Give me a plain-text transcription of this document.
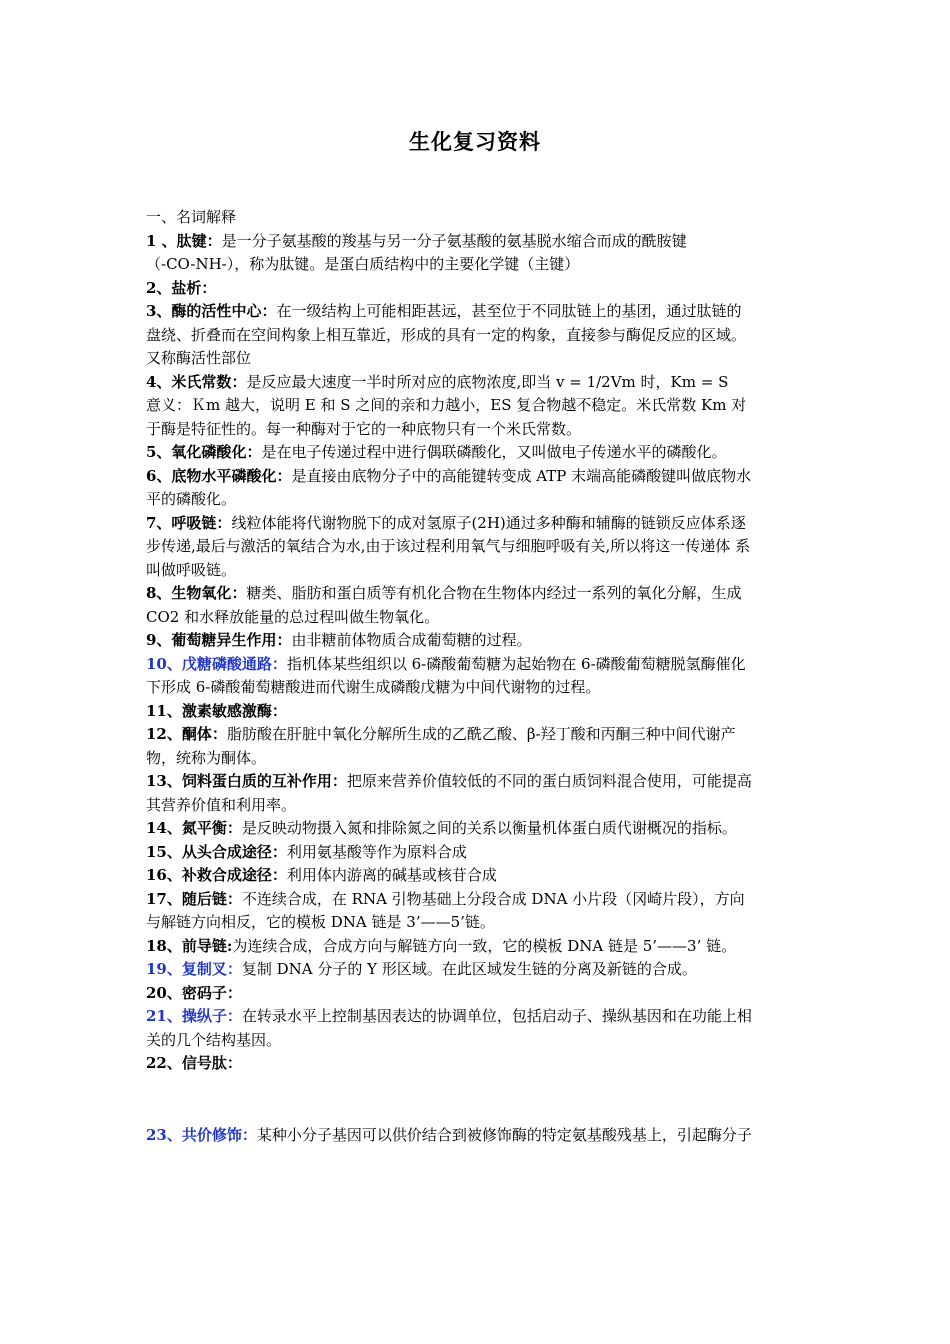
生化复习资料
一、名词解释
1 、肽键：是一分子氨基酸的羧基与另一分子氨基酸的氨基脱水缩合而成的酰胺键
（-CO-NH-），称为肽键。是蛋白质结构中的主要化学键（主键）
2、盐析：
3、酶的活性中心：在一级结构上可能相距甚远，甚至位于不同肽链上的基团，通过肽链的
盘绕、折叠而在空间构象上相互靠近，形成的具有一定的构象，直接参与酶促反应的区域。
又称酶活性部位
4、米氏常数：是反应最大速度一半时所对应的底物浓度,即当 v = 1/2Vm 时，Km = S
意义：Ｋm 越大，说明 E 和 S 之间的亲和力越小，ES 复合物越不稳定。米氏常数 Km 对
于酶是特征性的。每一种酶对于它的一种底物只有一个米氏常数。
5、氧化磷酸化：是在电子传递过程中进行偶联磷酸化，又叫做电子传递水平的磷酸化。
6、底物水平磷酸化：是直接由底物分子中的高能键转变成 ATP 末端高能磷酸键叫做底物水
平的磷酸化。
7、呼吸链：线粒体能将代谢物脱下的成对氢原子(2H)通过多种酶和辅酶的链锁反应体系逐
步传递,最后与激活的氧结合为水,由于该过程利用氧气与细胞呼吸有关,所以将这一传递体 系
叫做呼吸链。
8、生物氧化：糖类、脂肪和蛋白质等有机化合物在生物体内经过一系列的氧化分解，生成
CO2 和水释放能量的总过程叫做生物氧化。
9、葡萄糖异生作用：由非糖前体物质合成葡萄糖的过程。
10、戊糖磷酸通路：指机体某些组织以 6-磷酸葡萄糖为起始物在 6-磷酸葡萄糖脱氢酶催化
下形成 6-磷酸葡萄糖酸进而代谢生成磷酸戊糖为中间代谢物的过程。
11、激素敏感激酶：
12、酮体：脂肪酸在肝脏中氧化分解所生成的乙酰乙酸、β-羟丁酸和丙酮三种中间代谢产
物，统称为酮体。
13、饲料蛋白质的互补作用：把原来营养价值较低的不同的蛋白质饲料混合使用，可能提高
其营养价值和利用率。
14、氮平衡：是反映动物摄入氮和排除氮之间的关系以衡量机体蛋白质代谢概况的指标。
15、从头合成途径：利用氨基酸等作为原料合成
16、补救合成途径：利用体内游离的碱基或核苷合成
17、随后链：不连续合成，在 RNA 引物基础上分段合成 DNA 小片段（冈崎片段），方向
与解链方向相反，它的模板 DNA 链是 3’——5’链。
18、前导链:为连续合成，合成方向与解链方向一致，它的模板 DNA 链是 5’——3’ 链。
19、复制叉：复制 DNA 分子的 Y 形区域。在此区域发生链的分离及新链的合成。
20、密码子：
21、操纵子：在转录水平上控制基因表达的协调单位，包括启动子、操纵基因和在功能上相
关的几个结构基因。
22、信号肽：
23、共价修饰：某种小分子基因可以供价结合到被修饰酶的特定氨基酸残基上，引起酶分子
